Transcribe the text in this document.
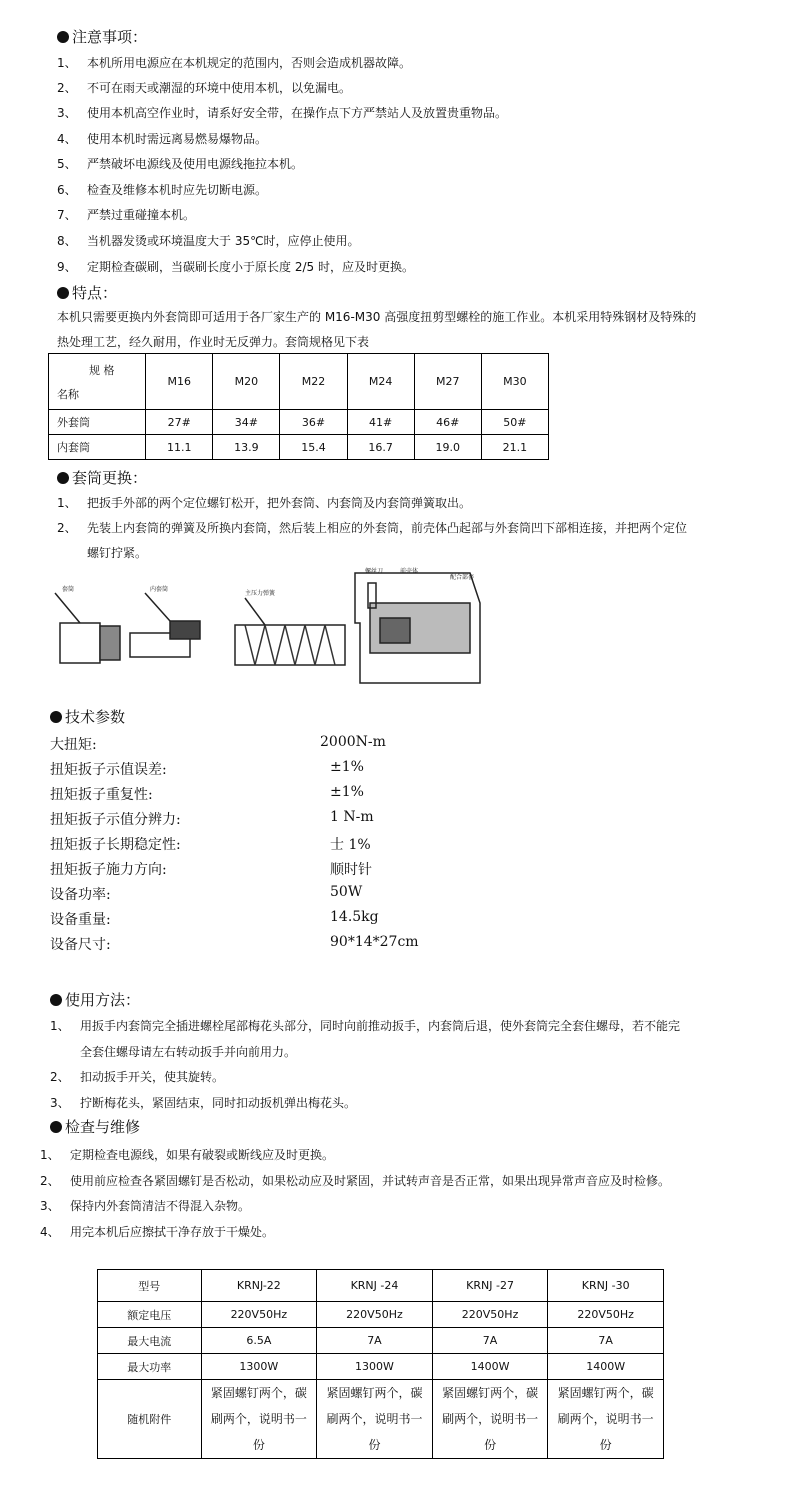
注意事项：
1、 本机所用电源应在本机规定的范围内，否则会造成机器故障。
2、 不可在雨天或潮湿的环境中使用本机，以免漏电。
3、 使用本机高空作业时，请系好安全带，在操作点下方严禁站人及放置贵重物品。
4、 使用本机时需远离易燃易爆物品。
5、 严禁破坏电源线及使用电源线拖拉本机。
6、 检查及维修本机时应先切断电源。
7、 严禁过重碰撞本机。
8、 当机器发烫或环境温度大于 35℃时，应停止使用。
9、 定期检查碳刷，当碳刷长度小于原长度 2/5 时，应及时更换。
特点：
本机只需要更换内外套筒即可适用于各厂家生产的 M16-M30 高强度扭剪型螺栓的施工作业。本机采用特殊钢材及特殊的
热处理工艺，经久耐用，作业时无反弹力。套筒规格见下表
规 格
名称	M16	M20	M22	M24	M27	M30
外套筒	27#	34#	36#	41#	46#	50#
内套筒	11.1	13.9	15.4	16.7	19.0	21.1
套筒更换：
1、 把扳手外部的两个定位螺钉松开，把外套筒、内套筒及内套筒弹簧取出。
2、 先装上内套筒的弹簧及所换内套筒，然后装上相应的外套筒，前壳体凸起部与外套筒凹下部相连接，并把两个定位
螺钉拧紧。
套筒	内套筒
主压力弹簧
螺丝刀	前壳体
配合部套
技术参数
大扭矩:	2000N-m
扭矩扳子示值误差:	±1%
扭矩扳子重复性:	±1%
扭矩扳子示值分辨力:	1 N-m
扭矩扳子长期稳定性:	士 1%
扭矩扳子施力方向:	顺时针
设备功率:	50W
设备重量:	14.5kg
设备尺寸:	90*14*27cm
使用方法：
1、 用扳手内套筒完全插进螺栓尾部梅花头部分，同时向前推动扳手，内套筒后退，使外套筒完全套住螺母，若不能完
全套住螺母请左右转动扳手并向前用力。
2、 扣动扳手开关，使其旋转。
3、 拧断梅花头，紧固结束，同时扣动扳机弹出梅花头。
检查与维修
1、 定期检查电源线，如果有破裂或断线应及时更换。
2、 使用前应检查各紧固螺钉是否松动，如果松动应及时紧固，并试转声音是否正常，如果出现异常声音应及时检修。
3、 保持内外套筒清洁不得混入杂物。
4、 用完本机后应擦拭干净存放于干燥处。
型号	KRNJ-22	KRNJ -24	KRNJ -27	KRNJ -30
额定电压	220V50Hz	220V50Hz	220V50Hz	220V50Hz
最大电流	6.5A	7A	7A	7A
最大功率	1300W	1300W	1400W	1400W
随机附件	紧固螺钉两个，碳刷两个，说明书一份	紧固螺钉两个，碳刷两个，说明书一份	紧固螺钉两个，碳刷两个，说明书一份	紧固螺钉两个，碳刷两个，说明书一份
